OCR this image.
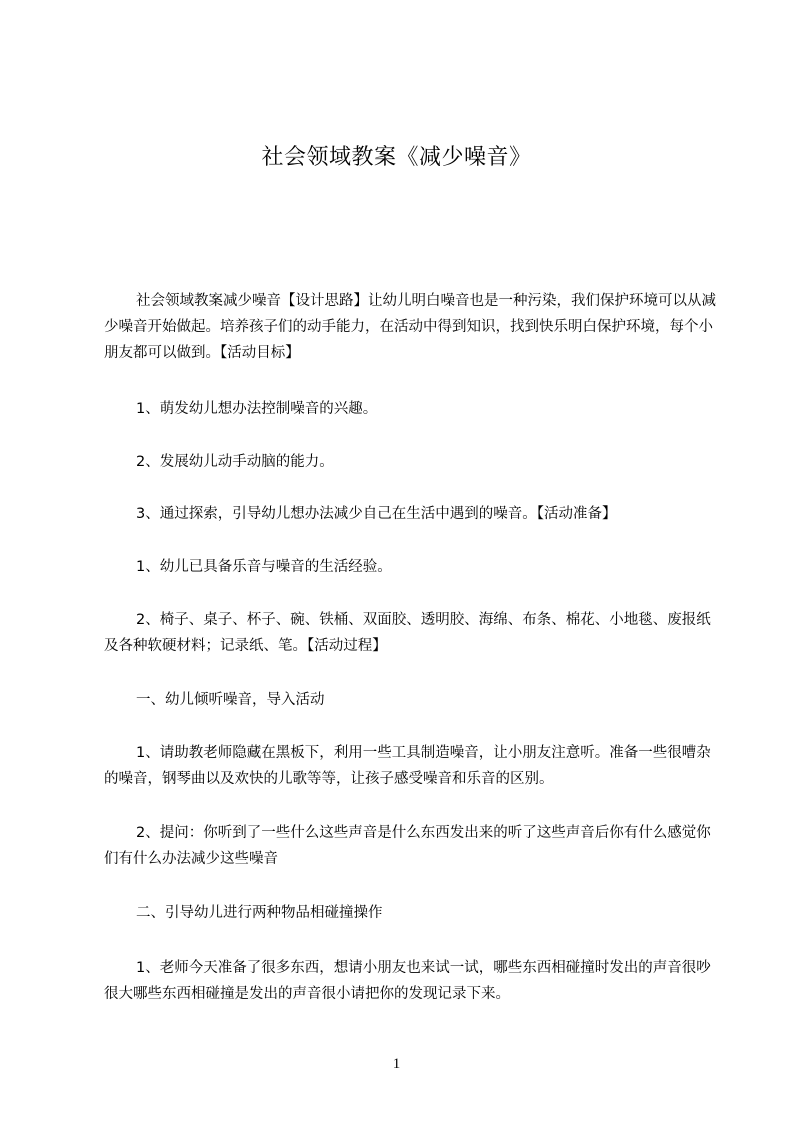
社会领域教案《减少噪音》

社会领域教案减少噪音【设计思路】让幼儿明白噪音也是一种污染，我们保护环境可以从减少噪音开始做起。培养孩子们的动手能力，在活动中得到知识，找到快乐明白保护环境，每个小朋友都可以做到。【活动目标】

1、萌发幼儿想办法控制噪音的兴趣。

2、发展幼儿动手动脑的能力。

3、通过探索，引导幼儿想办法减少自己在生活中遇到的噪音。【活动准备】

1、幼儿已具备乐音与噪音的生活经验。

2、椅子、桌子、杯子、碗、铁桶、双面胶、透明胶、海绵、布条、棉花、小地毯、废报纸及各种软硬材料；记录纸、笔。【活动过程】

一、幼儿倾听噪音，导入活动

1、请助教老师隐藏在黑板下，利用一些工具制造噪音，让小朋友注意听。准备一些很嘈杂的噪音，钢琴曲以及欢快的儿歌等等，让孩子感受噪音和乐音的区别。

2、提问：你听到了一些什么这些声音是什么东西发出来的听了这些声音后你有什么感觉你们有什么办法减少这些噪音

二、引导幼儿进行两种物品相碰撞操作

1、老师今天准备了很多东西，想请小朋友也来试一试，哪些东西相碰撞时发出的声音很吵很大哪些东西相碰撞是发出的声音很小请把你的发现记录下来。

1
